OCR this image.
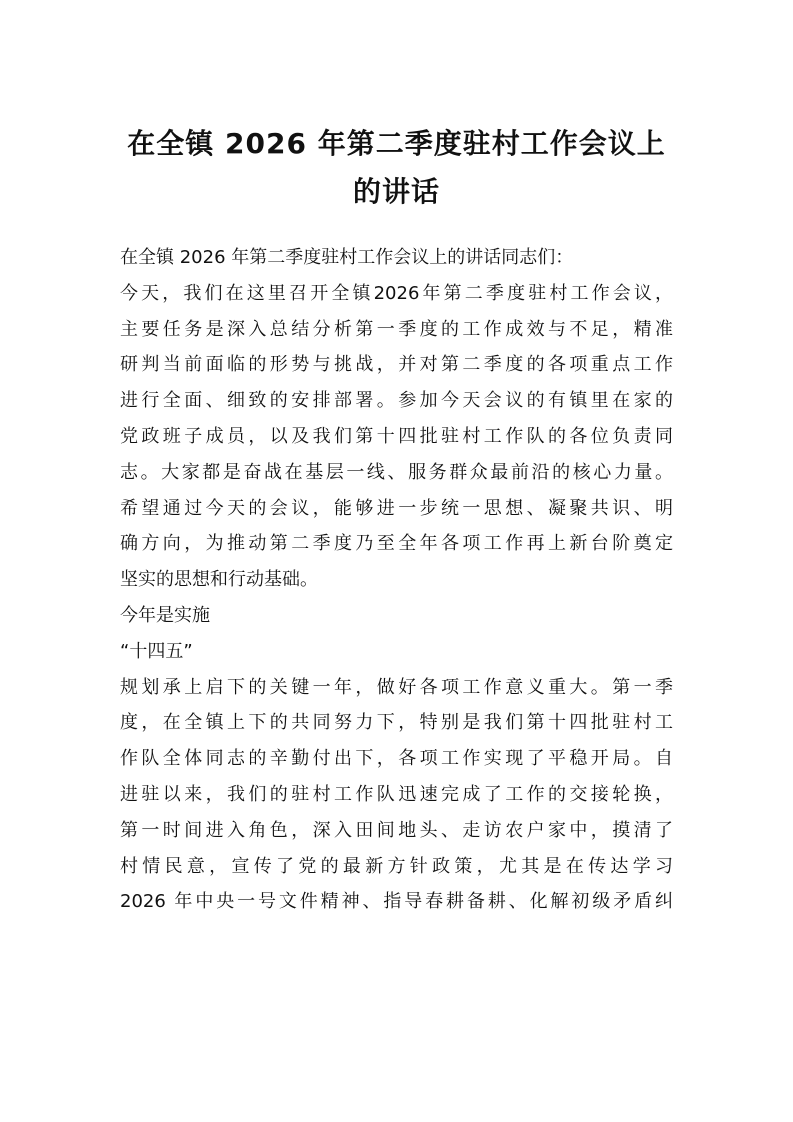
在全镇 2026 年第二季度驻村工作会议上
的讲话
在全镇 2026 年第二季度驻村工作会议上的讲话同志们：
今天，我们在这里召开全镇2026年第二季度驻村工作会议，
主要任务是深入总结分析第一季度的工作成效与不足，精准
研判当前面临的形势与挑战，并对第二季度的各项重点工作
进行全面、细致的安排部署。参加今天会议的有镇里在家的
党政班子成员，以及我们第十四批驻村工作队的各位负责同
志。大家都是奋战在基层一线、服务群众最前沿的核心力量。
希望通过今天的会议，能够进一步统一思想、凝聚共识、明
确方向，为推动第二季度乃至全年各项工作再上新台阶奠定
坚实的思想和行动基础。
今年是实施
“十四五”
规划承上启下的关键一年，做好各项工作意义重大。第一季
度，在全镇上下的共同努力下，特别是我们第十四批驻村工
作队全体同志的辛勤付出下，各项工作实现了平稳开局。自
进驻以来，我们的驻村工作队迅速完成了工作的交接轮换，
第一时间进入角色，深入田间地头、走访农户家中，摸清了
村情民意，宣传了党的最新方针政策，尤其是在传达学习
2026 年中央一号文件精神、指导春耕备耕、化解初级矛盾纠
